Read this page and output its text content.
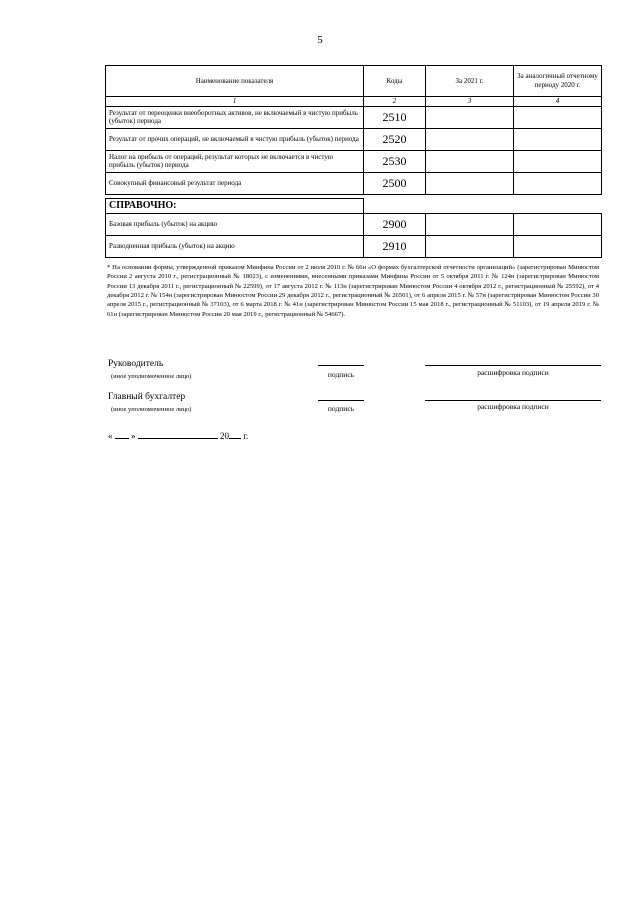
5
Наименование показателя	Коды	За 2021 г.	За аналогичный отчетному периоду 2020 г.
1	2	3	4
Результат от переоценки внеоборотных активов, не включаемый в чистую прибыль (убыток) периода	2510		
Результат от прочих операций, не включаемый в чистую прибыль (убыток) периода	2520		
Налог на прибыль от операций, результат которых не включается в чистую прибыль (убыток) периода	2530		
Совокупный финансовый результат периода	2500		

СПРАВОЧНО:			
Базовая прибыль (убыток) на акцию	2900		
Разводненная прибыль (убыток) на акцию	2910		
* На основании формы, утвержденной приказом Минфина России от 2 июля 2010 г. № 66н «О формах бухгалтерской отчетности организаций» (зарегистрирован Минюстом России 2 августа 2010 г., регистрационный № 18023), с изменениями, внесенными приказами Минфина России от 5 октября 2011 г. № 124н (зарегистрирован Минюстом России 13 декабря 2011 г., регистрационный № 22599), от 17 августа 2012 г. № 113н (зарегистрирован Минюстом России 4 октября 2012 г., регистрационный № 25592), от 4 декабря 2012 г. № 154н (зарегистрирован Минюстом России 29 декабря 2012 г., регистрационный № 26501), от 6 апреля 2015 г. № 57н (зарегистрирован Минюстом России 30 апреля 2015 г., регистрационный № 37103), от 6 марта 2018 г. № 41н (зарегистрирован Минюстом России 15 мая 2018 г., регистрационный № 51103), от 19 апреля 2019 г. № 61н (зарегистрирован Минюстом России 20 мая 2019 г., регистрационный № 54667).
Руководитель
(иное уполномоченное лицо)	подпись	расшифровка подписи
Главный бухгалтер
(иное уполномоченное лицо)	подпись	расшифровка подписи
« »	20 г.
